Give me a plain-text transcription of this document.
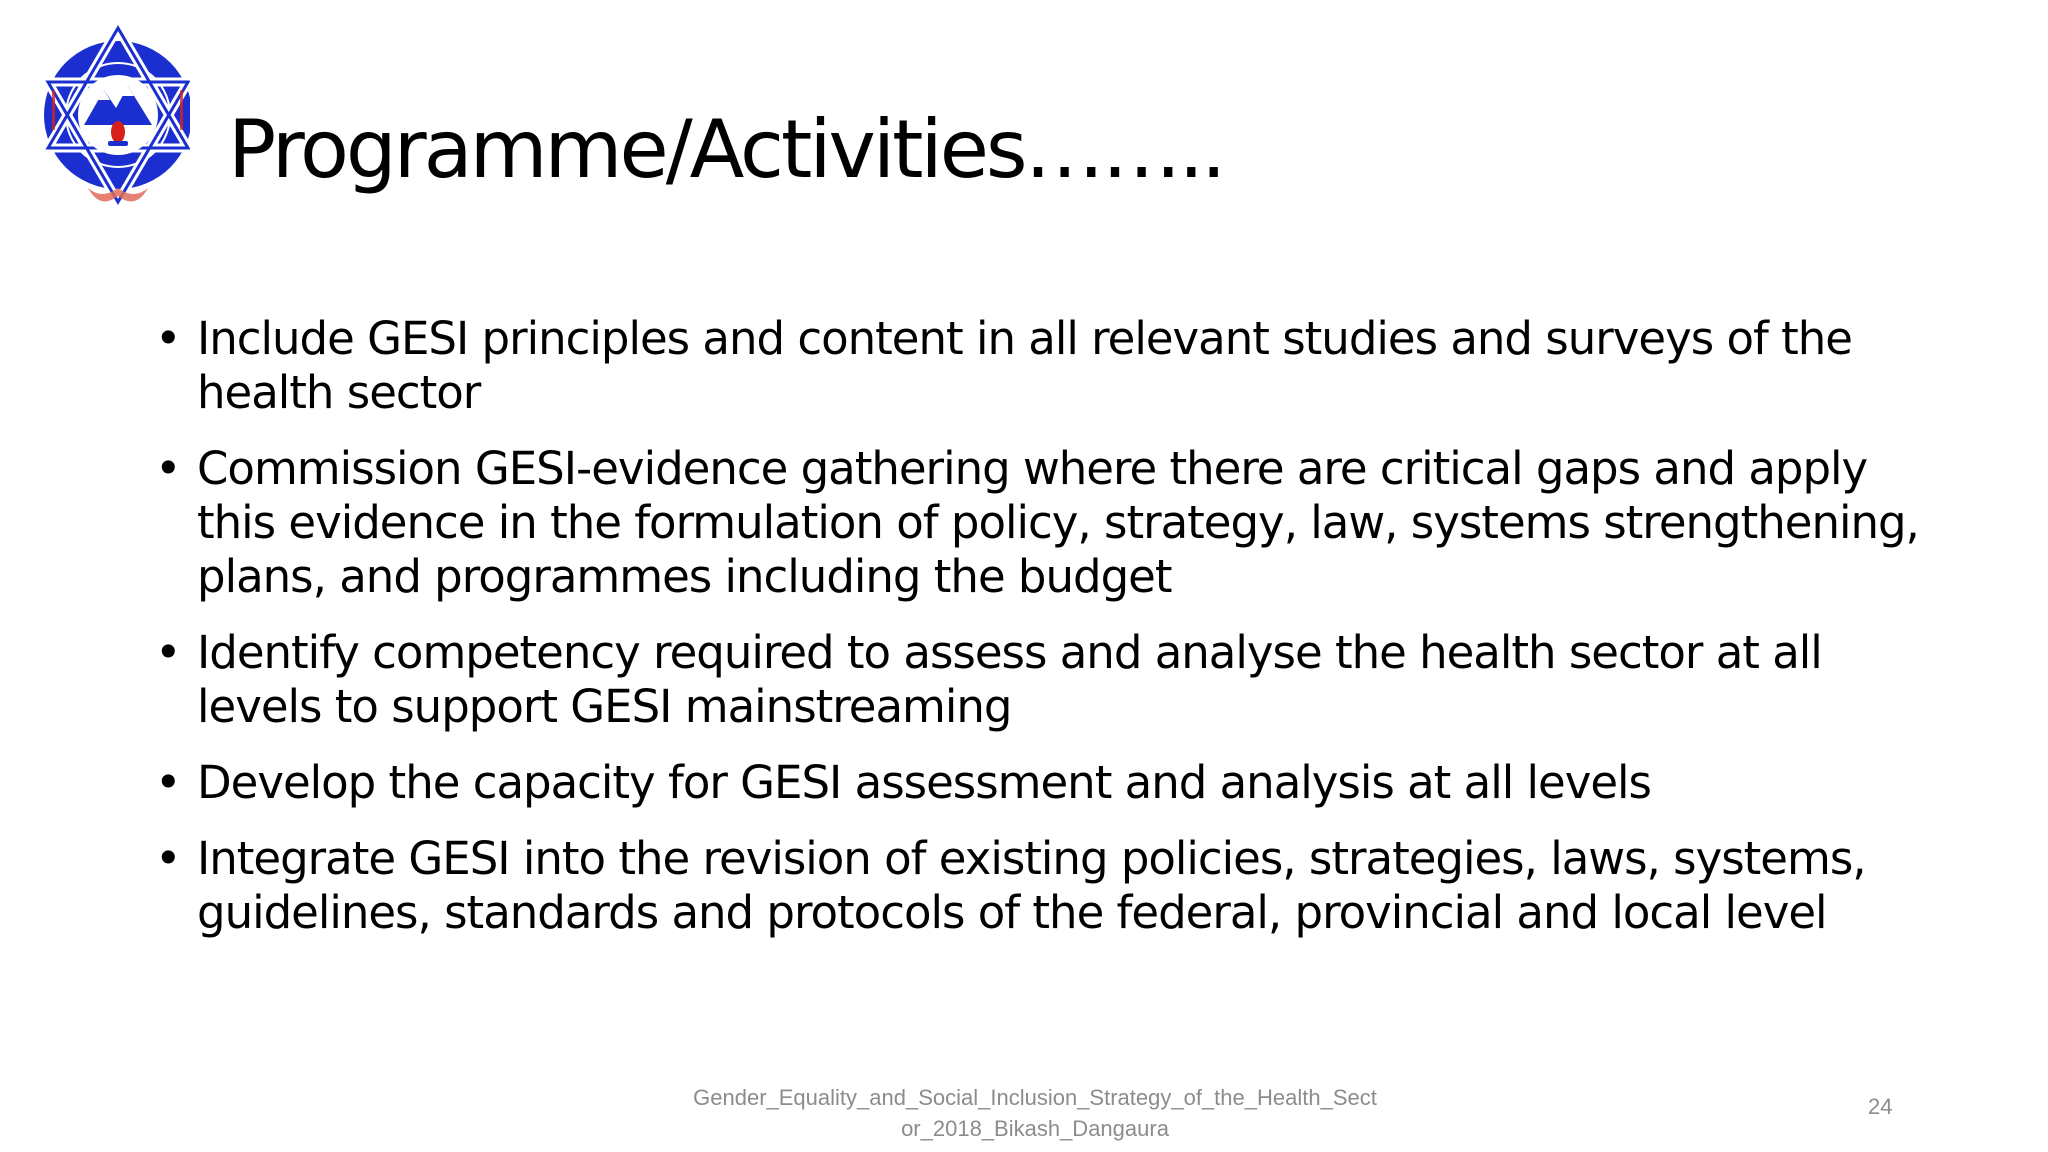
Programme/Activities……..
• Include GESI principles and content in all relevant studies and surveys of the health sector
• Commission GESI-evidence gathering where there are critical gaps and apply this evidence in the formulation of policy, strategy, law, systems strengthening, plans, and programmes including the budget
• Identify competency required to assess and analyse the health sector at all levels to support GESI mainstreaming
• Develop the capacity for GESI assessment and analysis at all levels
• Integrate GESI into the revision of existing policies, strategies, laws, systems, guidelines, standards and protocols of the federal, provincial and local level
Gender_Equality_and_Social_Inclusion_Strategy_of_the_Health_Sector_2018_Bikash_Dangaura
24
